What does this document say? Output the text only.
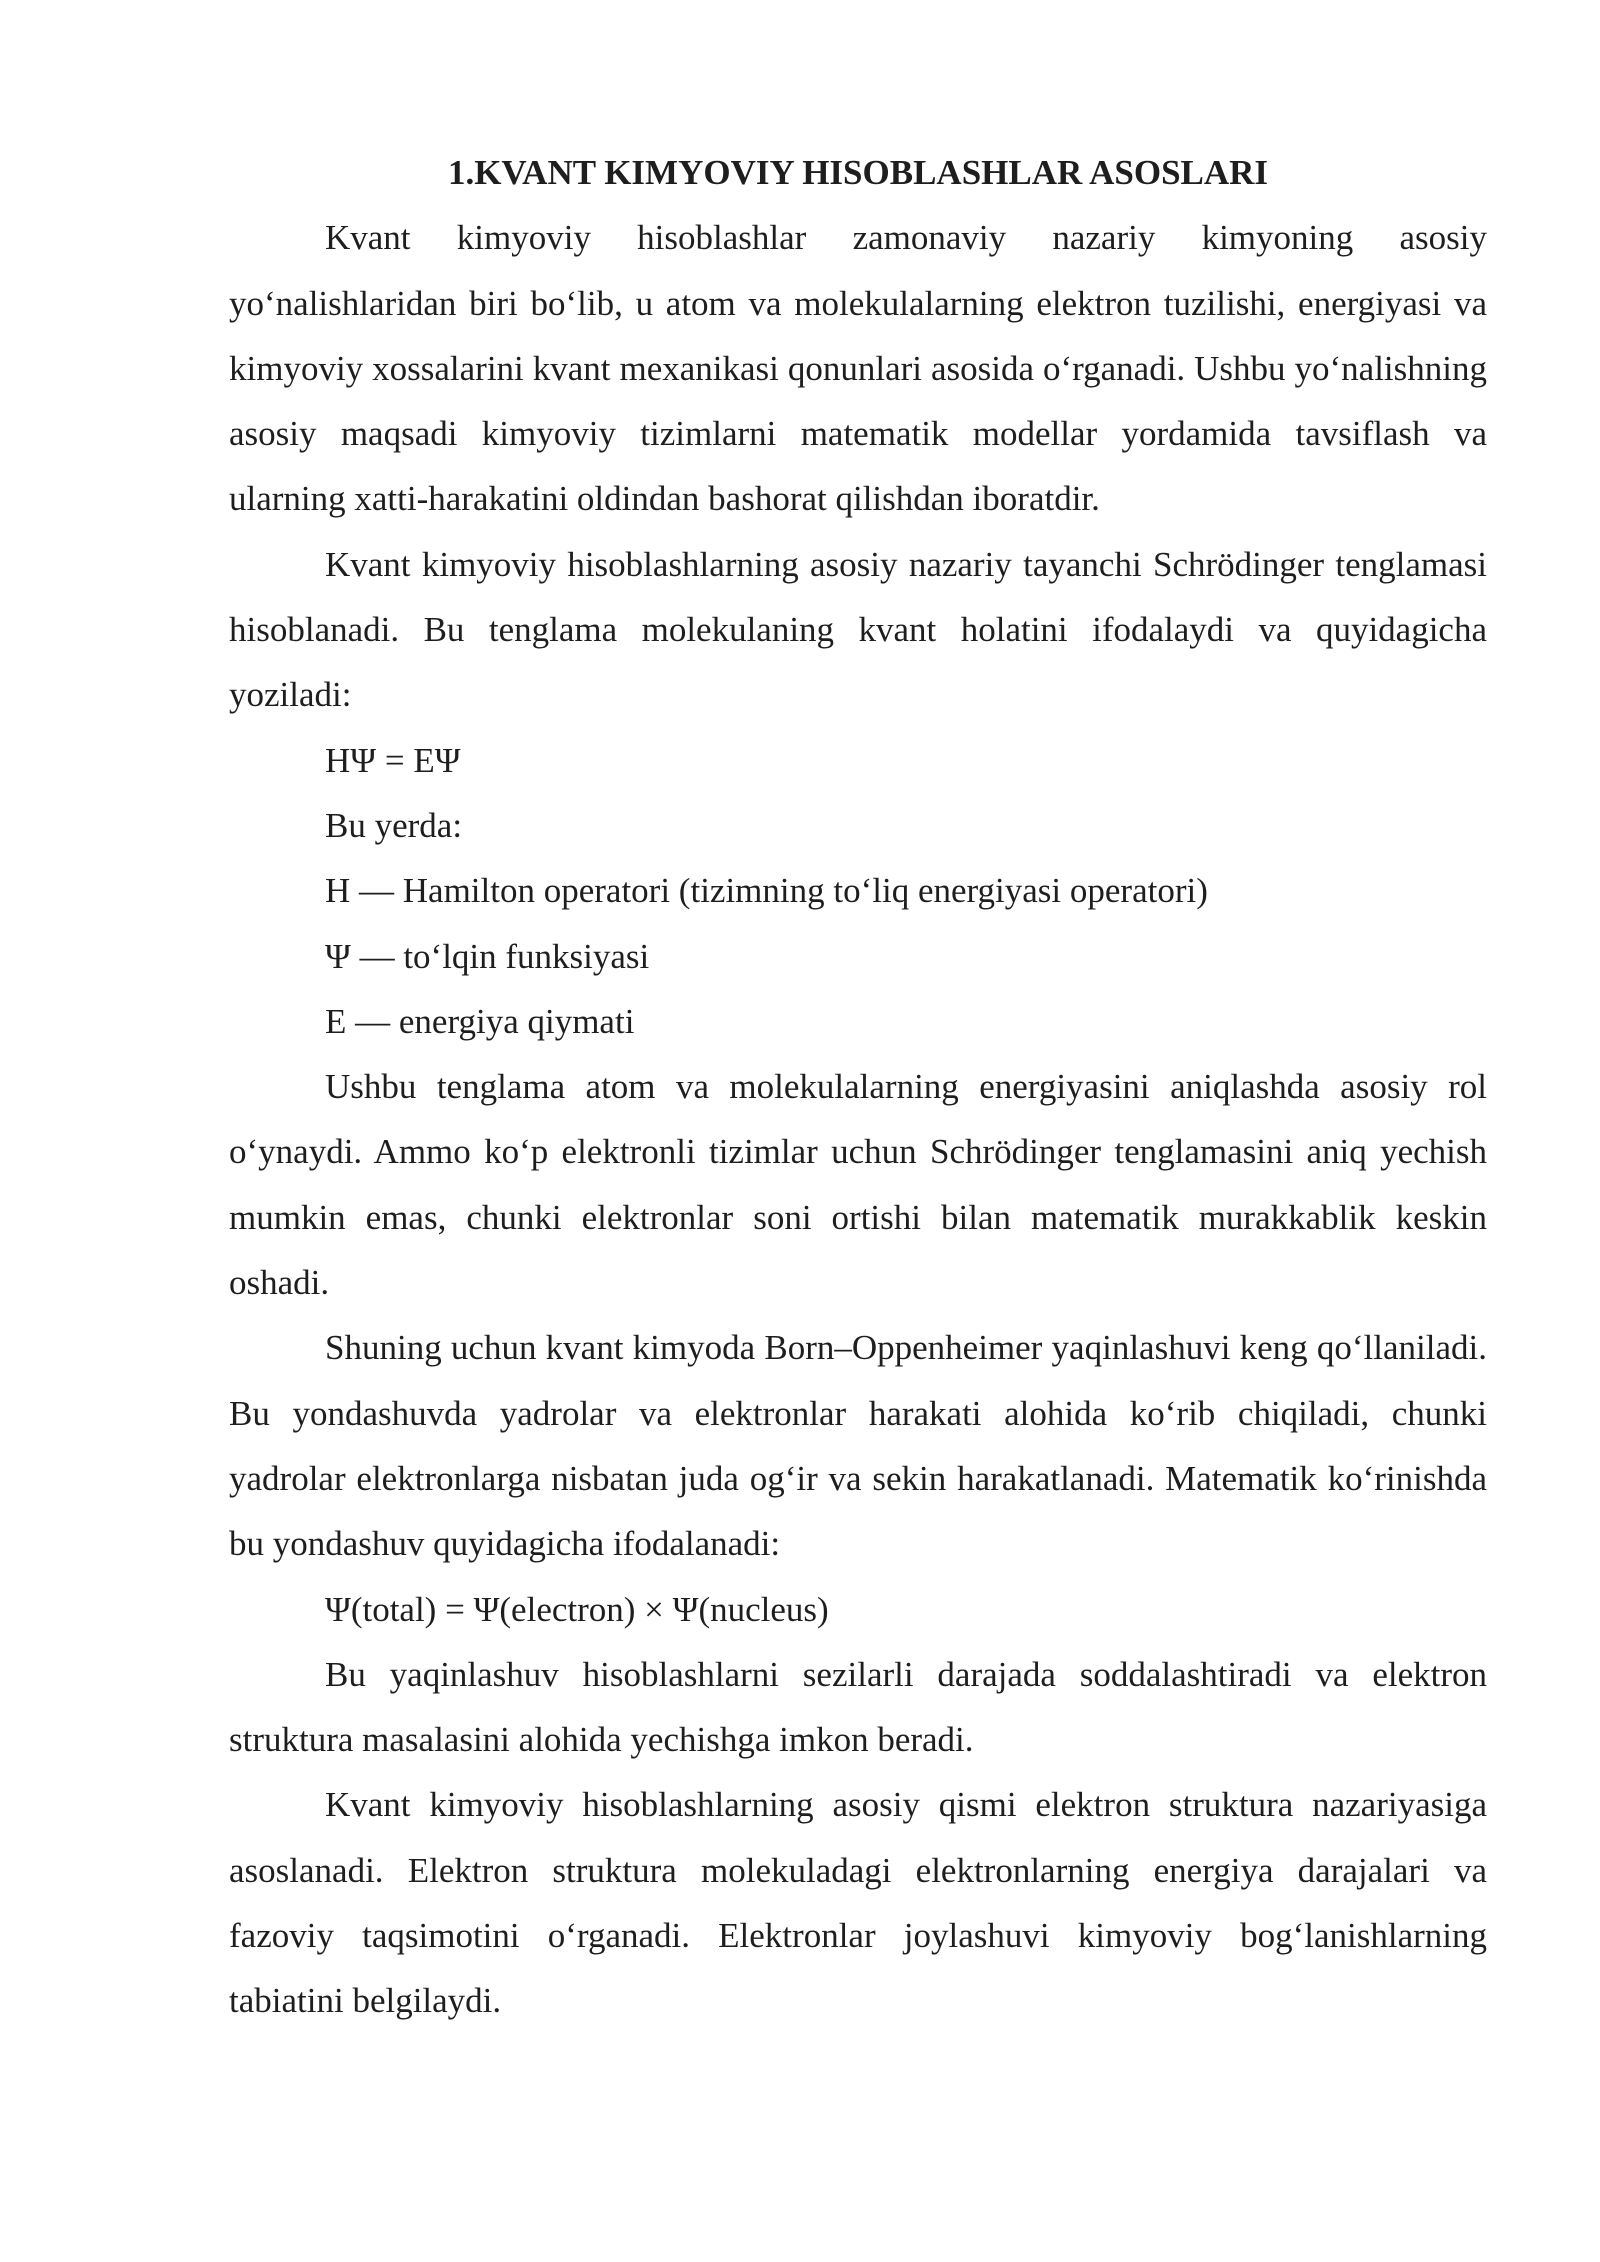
1.KVANT KIMYOVIY HISOBLASHLAR ASOSLARI

Kvant kimyoviy hisoblashlar zamonaviy nazariy kimyoning asosiy yo‘nalishlaridan biri bo‘lib, u atom va molekulalarning elektron tuzilishi, energiyasi va kimyoviy xossalarini kvant mexanikasi qonunlari asosida o‘rganadi. Ushbu yo‘nalishning asosiy maqsadi kimyoviy tizimlarni matematik modellar yordamida tavsiflash va ularning xatti-harakatini oldindan bashorat qilishdan iboratdir.

Kvant kimyoviy hisoblashlarning asosiy nazariy tayanchi Schrödinger tenglamasi hisoblanadi. Bu tenglama molekulaning kvant holatini ifodalaydi va quyidagicha yoziladi:

HΨ = EΨ

Bu yerda:

H — Hamilton operatori (tizimning to‘liq energiyasi operatori)

Ψ — to‘lqin funksiyasi

E — energiya qiymati

Ushbu tenglama atom va molekulalarning energiyasini aniqlashda asosiy rol o‘ynaydi. Ammo ko‘p elektronli tizimlar uchun Schrödinger tenglamasini aniq yechish mumkin emas, chunki elektronlar soni ortishi bilan matematik murakkablik keskin oshadi.

Shuning uchun kvant kimyoda Born–Oppenheimer yaqinlashuvi keng qo‘llaniladi. Bu yondashuvda yadrolar va elektronlar harakati alohida ko‘rib chiqiladi, chunki yadrolar elektronlarga nisbatan juda og‘ir va sekin harakatlanadi. Matematik ko‘rinishda bu yondashuv quyidagicha ifodalanadi:

Ψ(total) = Ψ(electron) × Ψ(nucleus)

Bu yaqinlashuv hisoblashlarni sezilarli darajada soddalashtiradi va elektron struktura masalasini alohida yechishga imkon beradi.

Kvant kimyoviy hisoblashlarning asosiy qismi elektron struktura nazariyasiga asoslanadi. Elektron struktura molekuladagi elektronlarning energiya darajalari va fazoviy taqsimotini o‘rganadi. Elektronlar joylashuvi kimyoviy bog‘lanishlarning tabiatini belgilaydi.
